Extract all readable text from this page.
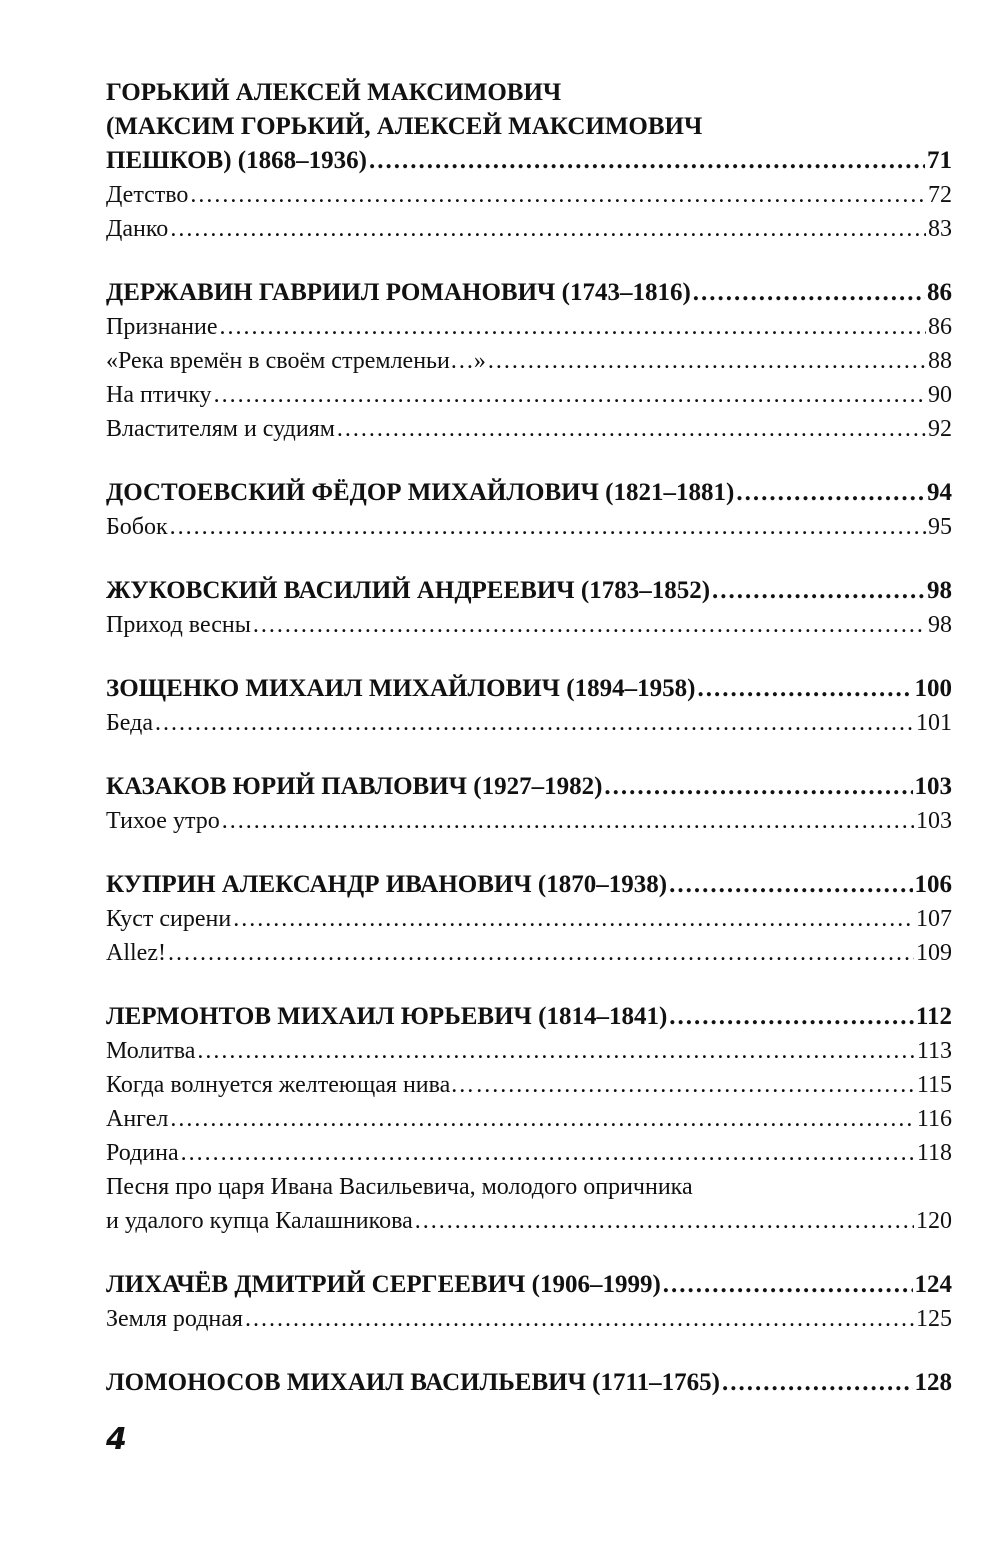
ГОРЬКИЙ АЛЕКСЕЙ МАКСИМОВИЧ
(МАКСИМ ГОРЬКИЙ, АЛЕКСЕЙ МАКСИМОВИЧ
ПЕШКОВ) (1868–1936) .....	71
Детство .....	72
Данко .....	83
ДЕРЖАВИН ГАВРИИЛ РОМАНОВИЧ (1743–1816) .....	86
Признание .....	86
«Река времён в своём стремленьи…» .....	88
На птичку .....	90
Властителям и судиям .....	92
ДОСТОЕВСКИЙ ФЁДОР МИХАЙЛОВИЧ (1821–1881) .....	94
Бобок .....	95
ЖУКОВСКИЙ ВАСИЛИЙ АНДРЕЕВИЧ (1783–1852) .....	98
Приход весны .....	98
ЗОЩЕНКО МИХАИЛ МИХАЙЛОВИЧ (1894–1958) .....	100
Беда .....	101
КАЗАКОВ ЮРИЙ ПАВЛОВИЧ (1927–1982) .....	103
Тихое утро .....	103
КУПРИН АЛЕКСАНДР ИВАНОВИЧ (1870–1938) .....	106
Куст сирени .....	107
Allez! .....	109
ЛЕРМОНТОВ МИХАИЛ ЮРЬЕВИЧ (1814–1841) .....	112
Молитва .....	113
Когда волнуется желтеющая нива… .....	115
Ангел .....	116
Родина .....	118
Песня про царя Ивана Васильевича, молодого опричника
и удалого купца Калашникова .....	120
ЛИХАЧЁВ ДМИТРИЙ СЕРГЕЕВИЧ (1906–1999) .....	124
Земля родная .....	125
ЛОМОНОСОВ МИХАИЛ ВАСИЛЬЕВИЧ (1711–1765) .....	128
4
